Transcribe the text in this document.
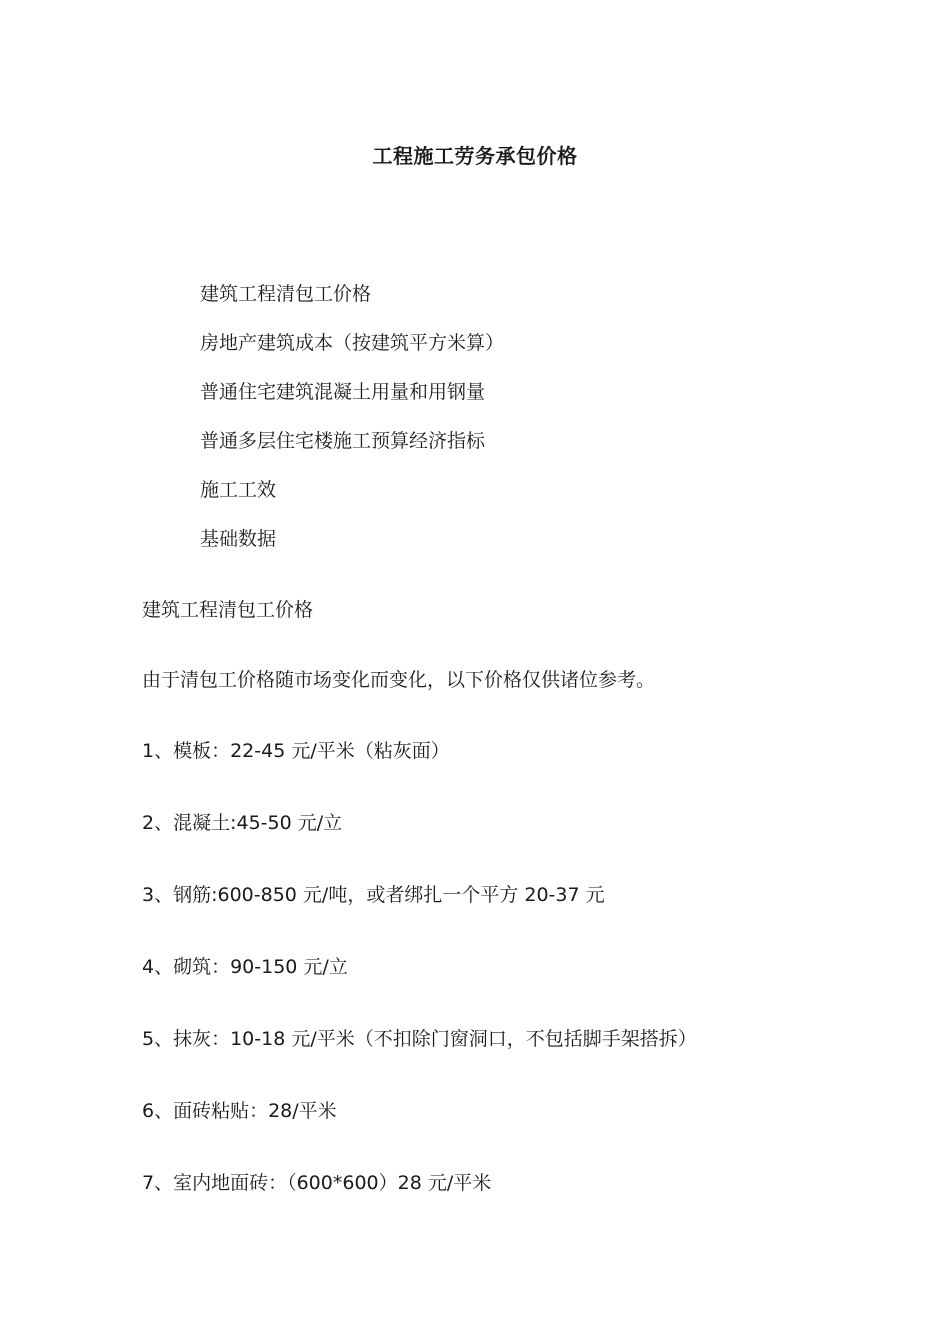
工程施工劳务承包价格
建筑工程清包工价格
房地产建筑成本（按建筑平方米算）
普通住宅建筑混凝土用量和用钢量
普通多层住宅楼施工预算经济指标
施工工效
基础数据
建筑工程清包工价格
由于清包工价格随市场变化而变化，以下价格仅供诸位参考。
1、模板：22-45 元/平米（粘灰面）
2、混凝土:45-50 元/立
3、钢筋:600-850 元/吨，或者绑扎一个平方 20-37 元
4、砌筑：90-150 元/立
5、抹灰：10-18 元/平米（不扣除门窗洞口，不包括脚手架搭拆）
6、面砖粘贴：28/平米
7、室内地面砖：（600*600）28 元/平米
